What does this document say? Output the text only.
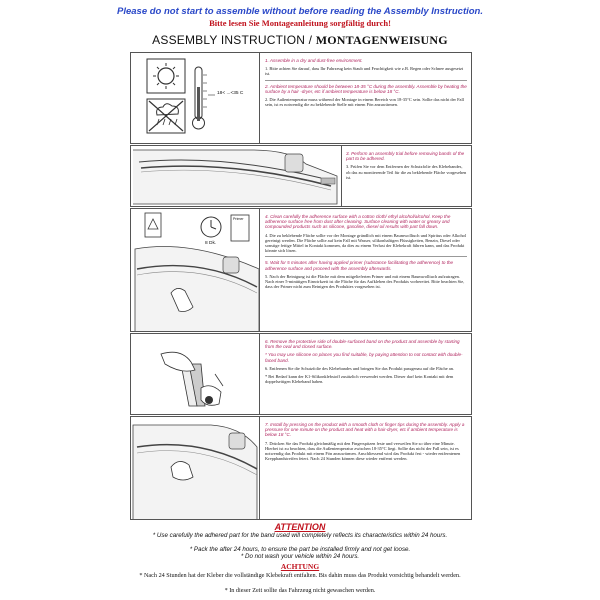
Please do not start to assemble without before reading the Assembly Instruction.
Bitte lesen Sie Montageanleitung sorgfältig durch!
ASSEMBLY INSTRUCTION / MONTAGENWEISUNG
18< ...<35 C
1. Assemble in a dry and dust-free environment.
1. Bitte achten Sie darauf, dass Ihr Fahrzeug kein Staub und Feuchtigkeit wie z.B. Regen oder Schnee ausgesetzt ist.
2. Ambient temperature should be between 18-35 °C during the assembly. Assemble by heating the surface by a hair -dryer, etc if ambient temperature is below 18 °C.
2. Die Außentemperatur muss während der Montage in einem Bereich von 18-35°C sein. Sollte das nicht der Fall sein, ist es notwendig die zu beklebende Stelle mit einem Fön anzuwärmen.
3. Perform an assembly trial before removing bands of the part to be adhered.
3. Prüfen Sie vor dem Entfernen der Schutzfolie des Klebebandes, ob das zu montierende Teil für die zu beklebende Fläche vorgesehen ist.
8 Dk.
Primer	4. Clean carefully the adherence surface with a cotton cloth/ ethyl alcohol/alcohol. Keep the adherence surface free from dust after cleaning. Surface cleaning with water or greasy and compounded products such as silicone, gasoline, diesel oil results with part fall down.
4. Die zu beklebende Fläche sollte vor der Montage gründlich mit einem Baumwolltuch und Spiritus oder Alkohol gereinigt werden. Die Fläche sollte auf kein Fall mit Wasser, silikonhaltigen Flüssigkeiten, Benzin, Diesel oder sonstige fettige Mittel in Kontakt kommen, da dies zu einem Verlust der Klebekraft führen kann, und das Produkt könnte sich lösen.
5. Wait for 5 minutes after having applied primer (substance facilitating the adherence) to the adherence surface and proceed with the assembly afterwards.
5. Nach der Reinigung ist die Fläche mit dem mitgelieferten Primer und mit einem Baumwolltuch aufzutragen. Nach einer 5-minütigen Einwirkzeit ist die Fläche für das Aufkleben des Produkts vorbereitet. Bitte beachten Sie, dass der Primer nicht zum Reinigen des Produktes vorgesehen ist.
6. Remove the protective side of double-surfaced band on the product and assemble by starting from the oval and closed surface.
* You may use silicone on places you find suitable, by paying attention to not contact with double-faced band.
6. Entfernen Sie die Schutzfolie des Klebebandes und bringen Sie das Produkt passgenau auf die Fläche an.
* Bei Bedarf kann der K1-Silikonklebstoff zusätzlich verwendet werden. Dieser darf kein Kontakt mit dem doppelseitigen Klebeband haben.
7. Install by pressing on the product with a smooth cloth or finger tips during the assembly. Apply a pressure for one minute on the product and heat with a hair-dryer, etc if ambient temperature is below 18 °C.
7. Drücken Sie das Produkt gleichmäßig mit den Fingerspitzen feste und verweilen Sie so über eine Minute. Hierbei ist zu beachten, dass die Außentemperatur zwischen 18-35°C liegt. Sollte das nicht der Fall sein, ist es notwendig das Produkt mit einem Fön anzuwärmen. Anschliessend wird das Produkt fest - wieder entferntenen Kreppbandstreifen feiert. Nach 24 Stunden können diese wieder entfernt werden.
ATTENTION
* Use carefully the adhered part for the band used will completely reflects its characteristics within 24 hours.
* Pack the after 24 hours, to ensure the part be installed firmly and not get loose.
* Do not wash your vehicle within 24 hours.
ACHTUNG
* Nach 24 Stunden hat der Kleber die vollständige Klebekraft entfalten. Bis dahin muss das Produkt vorsichtig behandelt werden.
* In dieser Zeit sollte das Fahrzeug nicht gewaschen werden.
